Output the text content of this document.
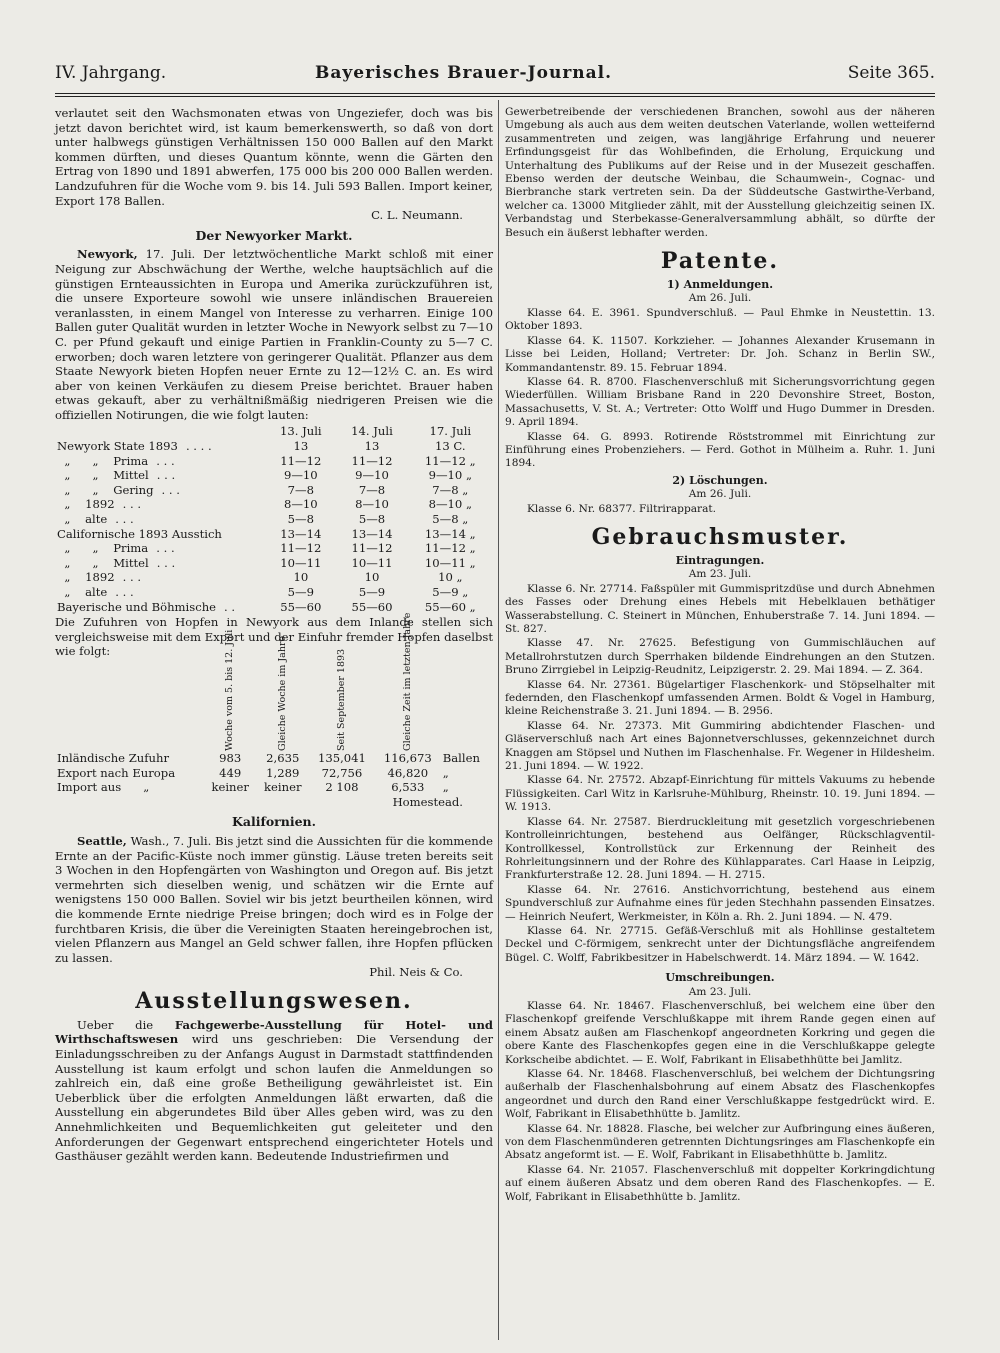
IV. Jahrgang.	Bayerisches Brauer-Journal.	Seite 365.

verlautet seit den Wachsmonaten etwas von Ungeziefer, doch was bis jetzt davon berichtet wird, ist kaum bemerkenswerth, so daß von dort unter halbwegs günstigen Verhältnissen 150 000 Ballen auf den Markt kommen dürften, und dieses Quantum könnte, wenn die Gärten den Ertrag von 1890 und 1891 abwerfen, 175 000 bis 200 000 Ballen werden. Landzufuhren für die Woche vom 9. bis 14. Juli 593 Ballen. Import keiner, Export 178 Ballen.

C. L. Neumann.

Der Newyorker Markt.

Newyork, 17. Juli. Der letztwöchentliche Markt schloß mit einer Neigung zur Abschwächung der Werthe, welche hauptsächlich auf die günstigen Ernteaussichten in Europa und Amerika zurückzuführen ist, die unsere Exporteure sowohl wie unsere inländischen Brauereien veranlassten, in einem Mangel von Interesse zu verharren. Einige 100 Ballen guter Qualität wurden in letzter Woche in Newyork selbst zu 7—10 C. per Pfund gekauft und einige Partien in Franklin-County zu 5—7 C. erworben; doch waren letztere von geringerer Qualität. Pflanzer aus dem Staate Newyork bieten Hopfen neuer Ernte zu 12—12½ C. an. Es wird aber von keinen Verkäufen zu diesem Preise berichtet. Brauer haben etwas gekauft, aber zu verhältnißmäßig niedrigeren Preisen wie die offiziellen Notirungen, die wie folgt lauten:

	13. Juli	14. Juli	17. Juli
Newyork State 1893 . . . .	13	13	13 C.
„      „    Prima . . .	11—12	11—12	11—12 „
„      „    Mittel . . .	9—10	9—10	9—10 „
„      „    Gering . . .	7—8	7—8	7—8 „
„    1892 . . .	8—10	8—10	8—10 „
„    alte . . .	5—8	5—8	5—8 „
Californische 1893 Ausstich	13—14	13—14	13—14 „
„      „    Prima . . .	11—12	11—12	11—12 „
„      „    Mittel . . .	10—11	10—11	10—11 „
„    1892 . . .	10	10	10 „
„    alte . . .	5—9	5—9	5—9 „
Bayerische und Böhmische . .	55—60	55—60	55—60 „

Die Zufuhren von Hopfen in Newyork aus dem Inlande stellen sich vergleichsweise mit dem Export und der Einfuhr fremder Hopfen daselbst wie folgt:

	Woche vom 5. bis 12. Juli	Gleiche Woche im Jahre	Seit September 1893	Gleiche Zeit im letzten Jahre	

Inländische Zufuhr	983	2,635	135,041	116,673	Ballen
Export nach Europa	449	1,289	72,756	46,820	„
Import aus      „	keiner	keiner	2 108	6,533	„

Homestead.

Kalifornien.

Seattle, Wash., 7. Juli. Bis jetzt sind die Aussichten für die kommende Ernte an der Pacific-Küste noch immer günstig. Läuse treten bereits seit 3 Wochen in den Hopfengärten von Washington und Oregon auf. Bis jetzt vermehrten sich dieselben wenig, und schätzen wir die Ernte auf wenigstens 150 000 Ballen. Soviel wir bis jetzt beurtheilen können, wird die kommende Ernte niedrige Preise bringen; doch wird es in Folge der furchtbaren Krisis, die über die Vereinigten Staaten hereingebrochen ist, vielen Pflanzern aus Mangel an Geld schwer fallen, ihre Hopfen pflücken zu lassen.

Phil. Neis & Co.

Ausstellungswesen.

Ueber die Fachgewerbe-Ausstellung für Hotel- und Wirthschaftswesen wird uns geschrieben: Die Versendung der Einladungsschreiben zu der Anfangs August in Darmstadt stattfindenden Ausstellung ist kaum erfolgt und schon laufen die Anmeldungen so zahlreich ein, daß eine große Betheiligung gewährleistet ist. Ein Ueberblick über die erfolgten Anmeldungen läßt erwarten, daß die Ausstellung ein abgerundetes Bild über Alles geben wird, was zu den Annehmlichkeiten und Bequemlichkeiten gut geleiteter und den Anforderungen der Gegenwart entsprechend eingerichteter Hotels und Gasthäuser gezählt werden kann. Bedeutende Industriefirmen und

Gewerbetreibende der verschiedenen Branchen, sowohl aus der näheren Umgebung als auch aus dem weiten deutschen Vaterlande, wollen wetteifernd zusammentreten und zeigen, was langjährige Erfahrung und neuerer Erfindungsgeist für das Wohlbefinden, die Erholung, Erquickung und Unterhaltung des Publikums auf der Reise und in der Musezeit geschaffen. Ebenso werden der deutsche Weinbau, die Schaumwein-, Cognac- und Bierbranche stark vertreten sein. Da der Süddeutsche Gastwirthe-Verband, welcher ca. 13000 Mitglieder zählt, mit der Ausstellung gleichzeitig seinen IX. Verbandstag und Sterbekasse-Generalversammlung abhält, so dürfte der Besuch ein äußerst lebhafter werden.

Patente.
1) Anmeldungen.
Am 26. Juli.

Klasse 64. E. 3961. Spundverschluß. — Paul Ehmke in Neustettin. 13. Oktober 1893.

Klasse 64. K. 11507. Korkzieher. — Johannes Alexander Krusemann in Lisse bei Leiden, Holland; Vertreter: Dr. Joh. Schanz in Berlin SW., Kommandantenstr. 89. 15. Februar 1894.

Klasse 64. R. 8700. Flaschenverschluß mit Sicherungsvorrichtung gegen Wiederfüllen. William Brisbane Rand in 220 Devonshire Street, Boston, Massachusetts, V. St. A.; Vertreter: Otto Wolff und Hugo Dummer in Dresden. 9. April 1894.

Klasse 64. G. 8993. Rotirende Röststrommel mit Einrichtung zur Einführung eines Probenziehers. — Ferd. Gothot in Mülheim a. Ruhr. 1. Juni 1894.

2) Löschungen.
Am 26. Juli.

Klasse 6. Nr. 68377. Filtrirapparat.

Gebrauchsmuster.
Eintragungen.
Am 23. Juli.

Klasse 6. Nr. 27714. Faßspüler mit Gummispritzdüse und durch Abnehmen des Fasses oder Drehung eines Hebels mit Hebelklauen bethätiger Wasserabstellung. C. Steinert in München, Enhuberstraße 7. 14. Juni 1894. — St. 827.

Klasse 47. Nr. 27625. Befestigung von Gummischläuchen auf Metallrohrstutzen durch Sperrhaken bildende Eindrehungen an den Stutzen. Bruno Zirrgiebel in Leipzig-Reudnitz, Leipzigerstr. 2. 29. Mai 1894. — Z. 364.

Klasse 64. Nr. 27361. Bügelartiger Flaschenkork- und Stöpselhalter mit federnden, den Flaschenkopf umfassenden Armen. Boldt & Vogel in Hamburg, kleine Reichenstraße 3. 21. Juni 1894. — B. 2956.

Klasse 64. Nr. 27373. Mit Gummiring abdichtender Flaschen- und Gläserverschluß nach Art eines Bajonnetverschlusses, gekennzeichnet durch Knaggen am Stöpsel und Nuthen im Flaschenhalse. Fr. Wegener in Hildesheim. 21. Juni 1894. — W. 1922.

Klasse 64. Nr. 27572. Abzapf-Einrichtung für mittels Vakuums zu hebende Flüssigkeiten. Carl Witz in Karlsruhe-Mühlburg, Rheinstr. 10. 19. Juni 1894. — W. 1913.

Klasse 64. Nr. 27587. Bierdruckleitung mit gesetzlich vorgeschriebenen Kontrolleinrichtungen, bestehend aus Oelfänger, Rückschlagventil-Kontrollkessel, Kontrollstück zur Erkennung der Reinheit des Rohrleitungsinnern und der Rohre des Kühlapparates. Carl Haase in Leipzig, Frankfurterstraße 12. 28. Juni 1894. — H. 2715.

Klasse 64. Nr. 27616. Anstichvorrichtung, bestehend aus einem Spundverschluß zur Aufnahme eines für jeden Stechhahn passenden Einsatzes. — Heinrich Neufert, Werkmeister, in Köln a. Rh. 2. Juni 1894. — N. 479.

Klasse 64. Nr. 27715. Gefäß-Verschluß mit als Hohllinse gestaltetem Deckel und C-förmigem, senkrecht unter der Dichtungsfläche angreifendem Bügel. C. Wolff, Fabrikbesitzer in Habelschwerdt. 14. März 1894. — W. 1642.

Umschreibungen.
Am 23. Juli.

Klasse 64. Nr. 18467. Flaschenverschluß, bei welchem eine über den Flaschenkopf greifende Verschlußkappe mit ihrem Rande gegen einen auf einem Absatz außen am Flaschenkopf angeordneten Korkring und gegen die obere Kante des Flaschenkopfes gegen eine in die Verschlußkappe gelegte Korkscheibe abdichtet. — E. Wolf, Fabrikant in Elisabethhütte bei Jamlitz.

Klasse 64. Nr. 18468. Flaschenverschluß, bei welchem der Dichtungsring außerhalb der Flaschenhalsbohrung auf einem Absatz des Flaschenkopfes angeordnet und durch den Rand einer Verschlußkappe festgedrückt wird. E. Wolf, Fabrikant in Elisabethhütte b. Jamlitz.

Klasse 64. Nr. 18828. Flasche, bei welcher zur Aufbringung eines äußeren, von dem Flaschenmünderen getrennten Dichtungsringes am Flaschenkopfe ein Absatz angeformt ist. — E. Wolf, Fabrikant in Elisabethhütte b. Jamlitz.

Klasse 64. Nr. 21057. Flaschenverschluß mit doppelter Korkringdichtung auf einem äußeren Absatz und dem oberen Rand des Flaschenkopfes. — E. Wolf, Fabrikant in Elisabethhütte b. Jamlitz.
